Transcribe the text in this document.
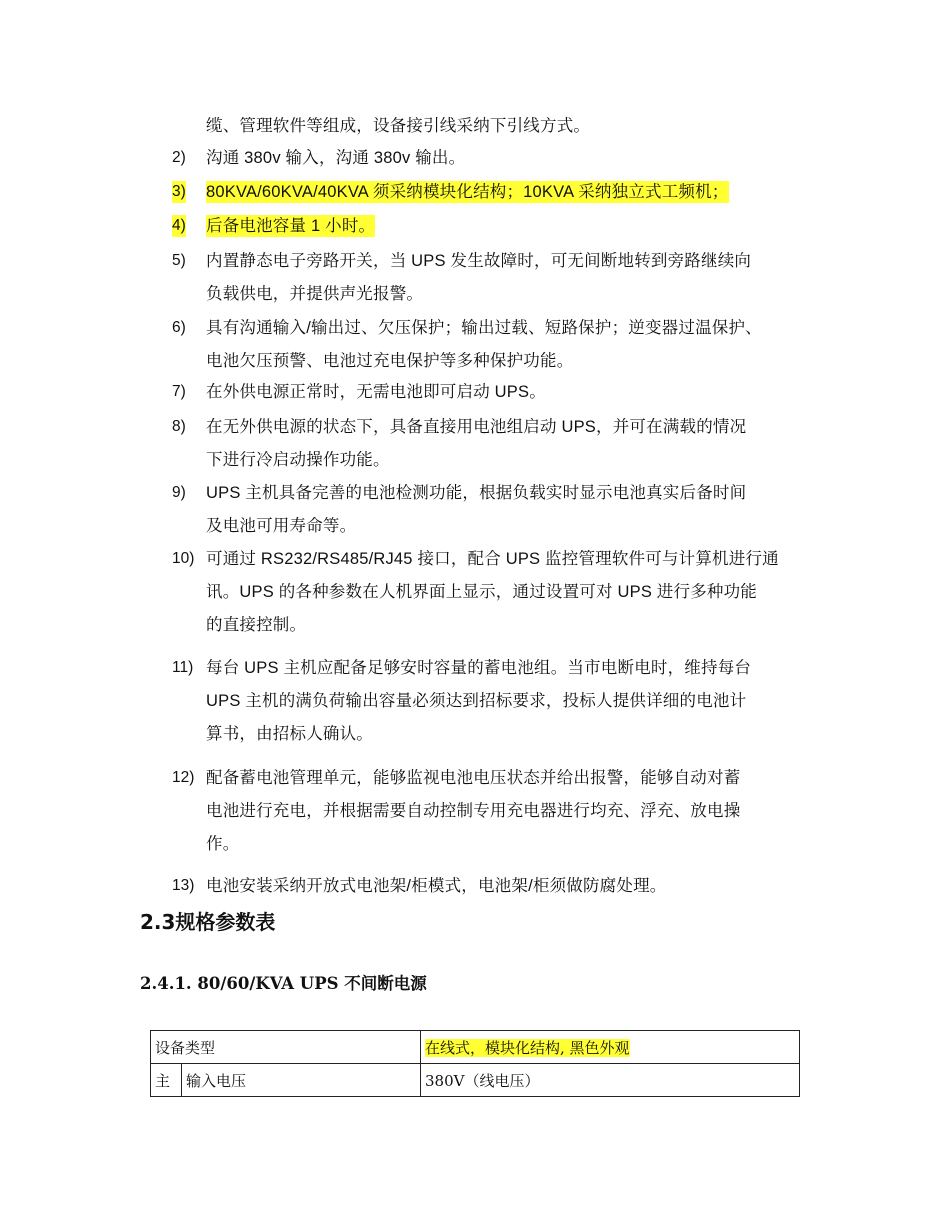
缆、管理软件等组成，设备接引线采纳下引线方式。
2) 沟通 380v 输入，沟通 380v 输出。
3) 80KVA/60KVA/40KVA 须采纳模块化结构；10KVA 采纳独立式工频机；
4) 后备电池容量 1 小时。
5) 内置静态电子旁路开关，当 UPS 发生故障时，可无间断地转到旁路继续向
负载供电，并提供声光报警。
6) 具有沟通输入/输出过、欠压保护；输出过载、短路保护；逆变器过温保护、
电池欠压预警、电池过充电保护等多种保护功能。
7) 在外供电源正常时，无需电池即可启动 UPS。
8) 在无外供电源的状态下，具备直接用电池组启动 UPS，并可在满载的情况
下进行冷启动操作功能。
9) UPS 主机具备完善的电池检测功能，根据负载实时显示电池真实后备时间
及电池可用寿命等。
10) 可通过 RS232/RS485/RJ45 接口，配合 UPS 监控管理软件可与计算机进行通
讯。UPS 的各种参数在人机界面上显示，通过设置可对 UPS 进行多种功能
的直接控制。
11) 每台 UPS 主机应配备足够安时容量的蓄电池组。当市电断电时，维持每台
UPS 主机的满负荷输出容量必须达到招标要求，投标人提供详细的电池计
算书，由招标人确认。
12) 配备蓄电池管理单元，能够监视电池电压状态并给出报警，能够自动对蓄
电池进行充电，并根据需要自动控制专用充电器进行均充、浮充、放电操
作。
13) 电池安装采纳开放式电池架/柜模式，电池架/柜须做防腐处理。
2.3规格参数表
2.4.1. 80/60/KVA UPS 不间断电源
设备类型		在线式，模块化结构, 黑色外观
主	输入电压	380V（线电压）
